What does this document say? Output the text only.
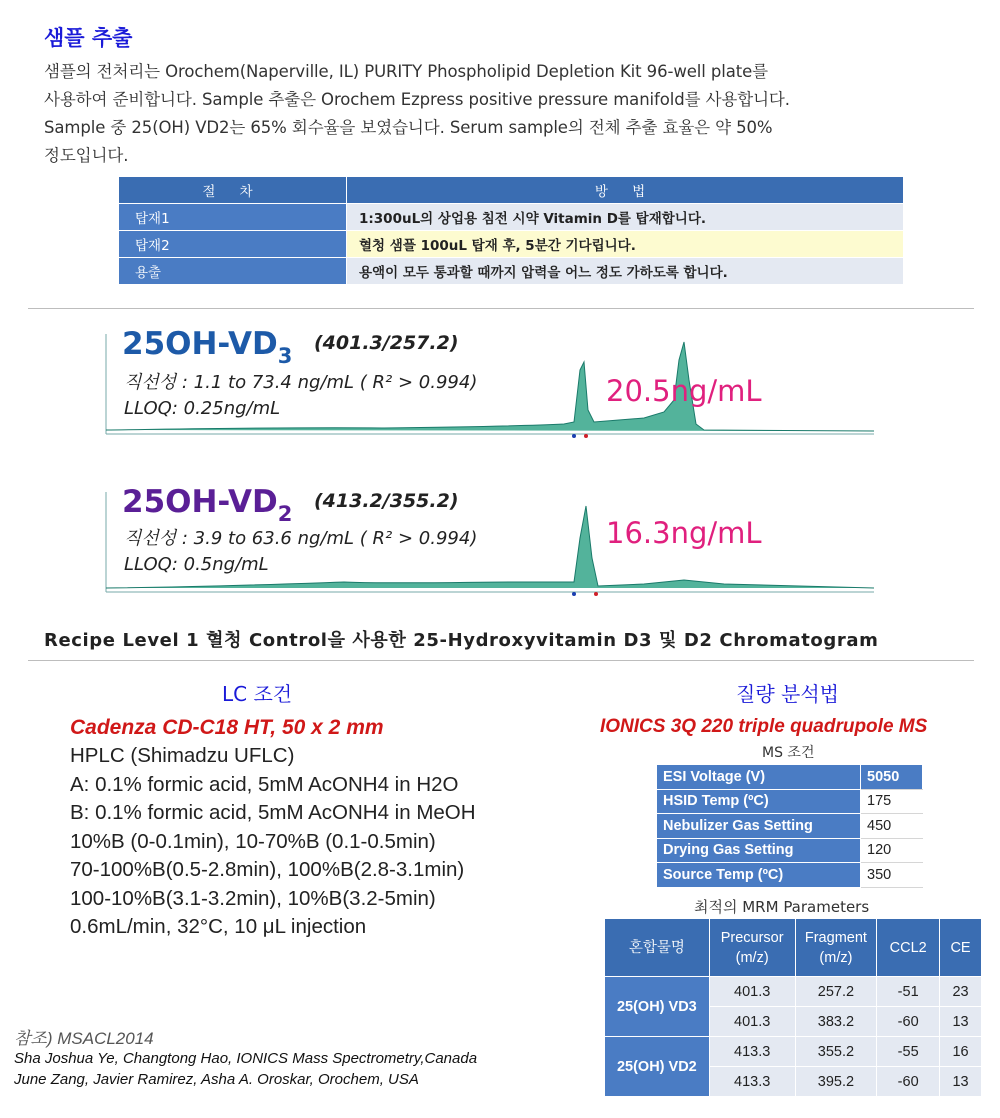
샘플 추출

샘플의 전처리는 Orochem(Naperville, IL) PURITY Phospholipid Depletion Kit 96-well plate를

사용하여 준비합니다. Sample 추출은 Orochem Ezpress positive pressure manifold를 사용합니다.

Sample 중 25(OH) VD2는 65% 회수율을 보였습니다. Serum sample의 전체 추출 효율은 약 50%

정도입니다.

절 차	방 법
탑재1	1:300uL의 상업용 침전 시약 Vitamin D를 탑재합니다.
탑재2	혈청 샘플 100uL 탑재 후, 5분간 기다립니다.
용출	용액이 모두 통과할 때까지 압력을 어느 정도 가하도록 합니다.
$25OH-VD_3$
(401.3/257.2)
직선성 : 1.1 to 73.4 ng/mL ( R² > 0.994)
LLOQ: 0.25ng/mL
20.5ng/mL
$25OH-VD_2$
(413.2/355.2)
직선성 : 3.9 to 63.6 ng/mL ( R² > 0.994)
LLOQ: 0.5ng/mL
16.3ng/mL
Recipe Level 1 혈청 Control을 사용한 25-Hydroxyvitamin D3 및 D2 Chromatogram
LC 조건	질량 분석법
Cadenza CD-C18 HT, 50 x 2 mm
HPLC (Shimadzu UFLC)
A: 0.1% formic acid, 5mM AcONH4 in H2O
B: 0.1% formic acid, 5mM AcONH4 in MeOH
10%B (0-0.1min), 10-70%B (0.1-0.5min)
70-100%B(0.5-2.8min), 100%B(2.8-3.1min)
100-10%B(3.1-3.2min), 10%B(3.2-5min)
0.6mL/min, 32°C, 10 μL injection
IONICS 3Q 220 triple quadrupole MS
MS 조건
ESI Voltage (V)	5050
HSID Temp (ºC)	175
Nebulizer Gas Setting	450
Drying Gas Setting	120
Source Temp (ºC)	350
최적의 MRM Parameters
혼합물명	Precursor (m/z)	Fragment (m/z)	CCL2	CE
25(OH) VD3	401.3	257.2	-51	23
	401.3	383.2	-60	13
25(OH) VD2	413.3	355.2	-55	16
	413.3	395.2	-60	13
참조) MSACL2014
Sha Joshua Ye, Changtong Hao, IONICS Mass Spectrometry,Canada
June Zang, Javier Ramirez, Asha A. Oroskar, Orochem, USA
